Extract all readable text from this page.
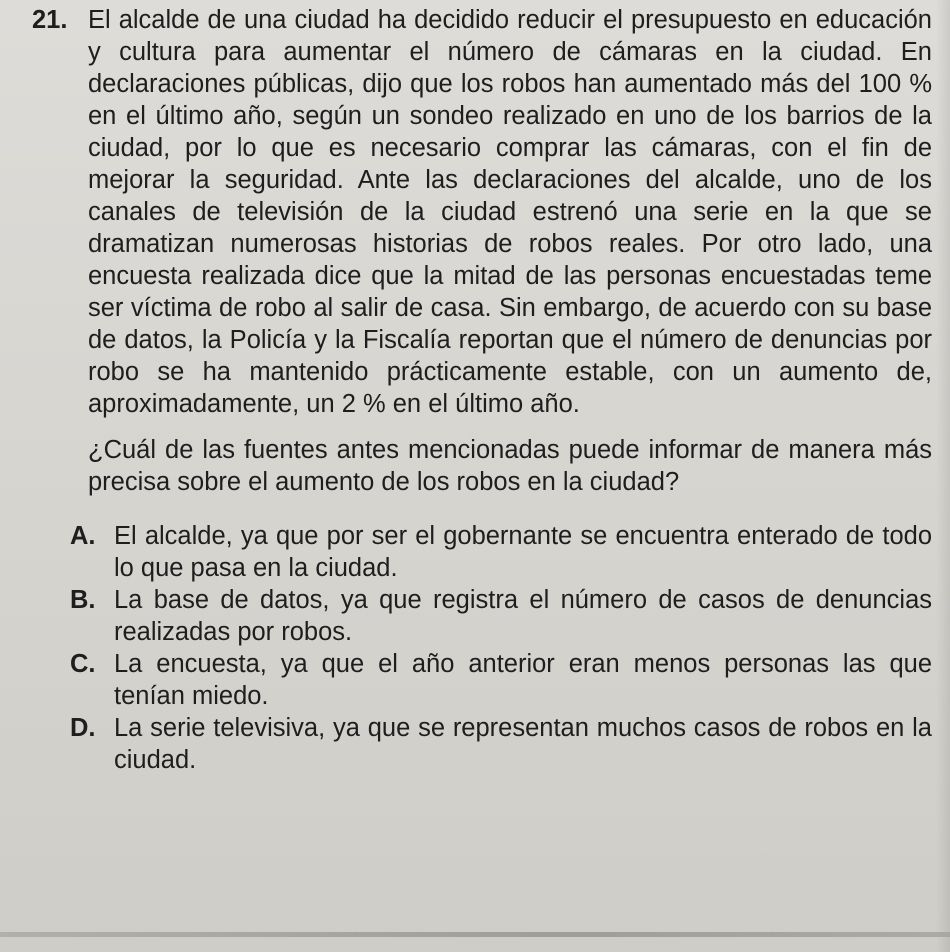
21. El alcalde de una ciudad ha decidido reducir el presupuesto en educación y cultura para aumentar el número de cámaras en la ciudad. En declaraciones públicas, dijo que los robos han aumentado más del 100 % en el último año, según un sondeo realizado en uno de los barrios de la ciudad, por lo que es necesario comprar las cámaras, con el fin de mejorar la seguridad. Ante las declaraciones del alcalde, uno de los canales de televisión de la ciudad estrenó una serie en la que se dramatizan numerosas historias de robos reales. Por otro lado, una encuesta realizada dice que la mitad de las personas encuestadas teme ser víctima de robo al salir de casa. Sin embargo, de acuerdo con su base de datos, la Policía y la Fiscalía reportan que el número de denuncias por robo se ha mantenido prácticamente estable, con un aumento de, aproximadamente, un 2 % en el último año.
¿Cuál de las fuentes antes mencionadas puede informar de manera más precisa sobre el aumento de los robos en la ciudad?
A. El alcalde, ya que por ser el gobernante se encuentra enterado de todo lo que pasa en la ciudad.
B. La base de datos, ya que registra el número de casos de denuncias realizadas por robos.
C. La encuesta, ya que el año anterior eran menos personas las que tenían miedo.
D. La serie televisiva, ya que se representan muchos casos de robos en la ciudad.
